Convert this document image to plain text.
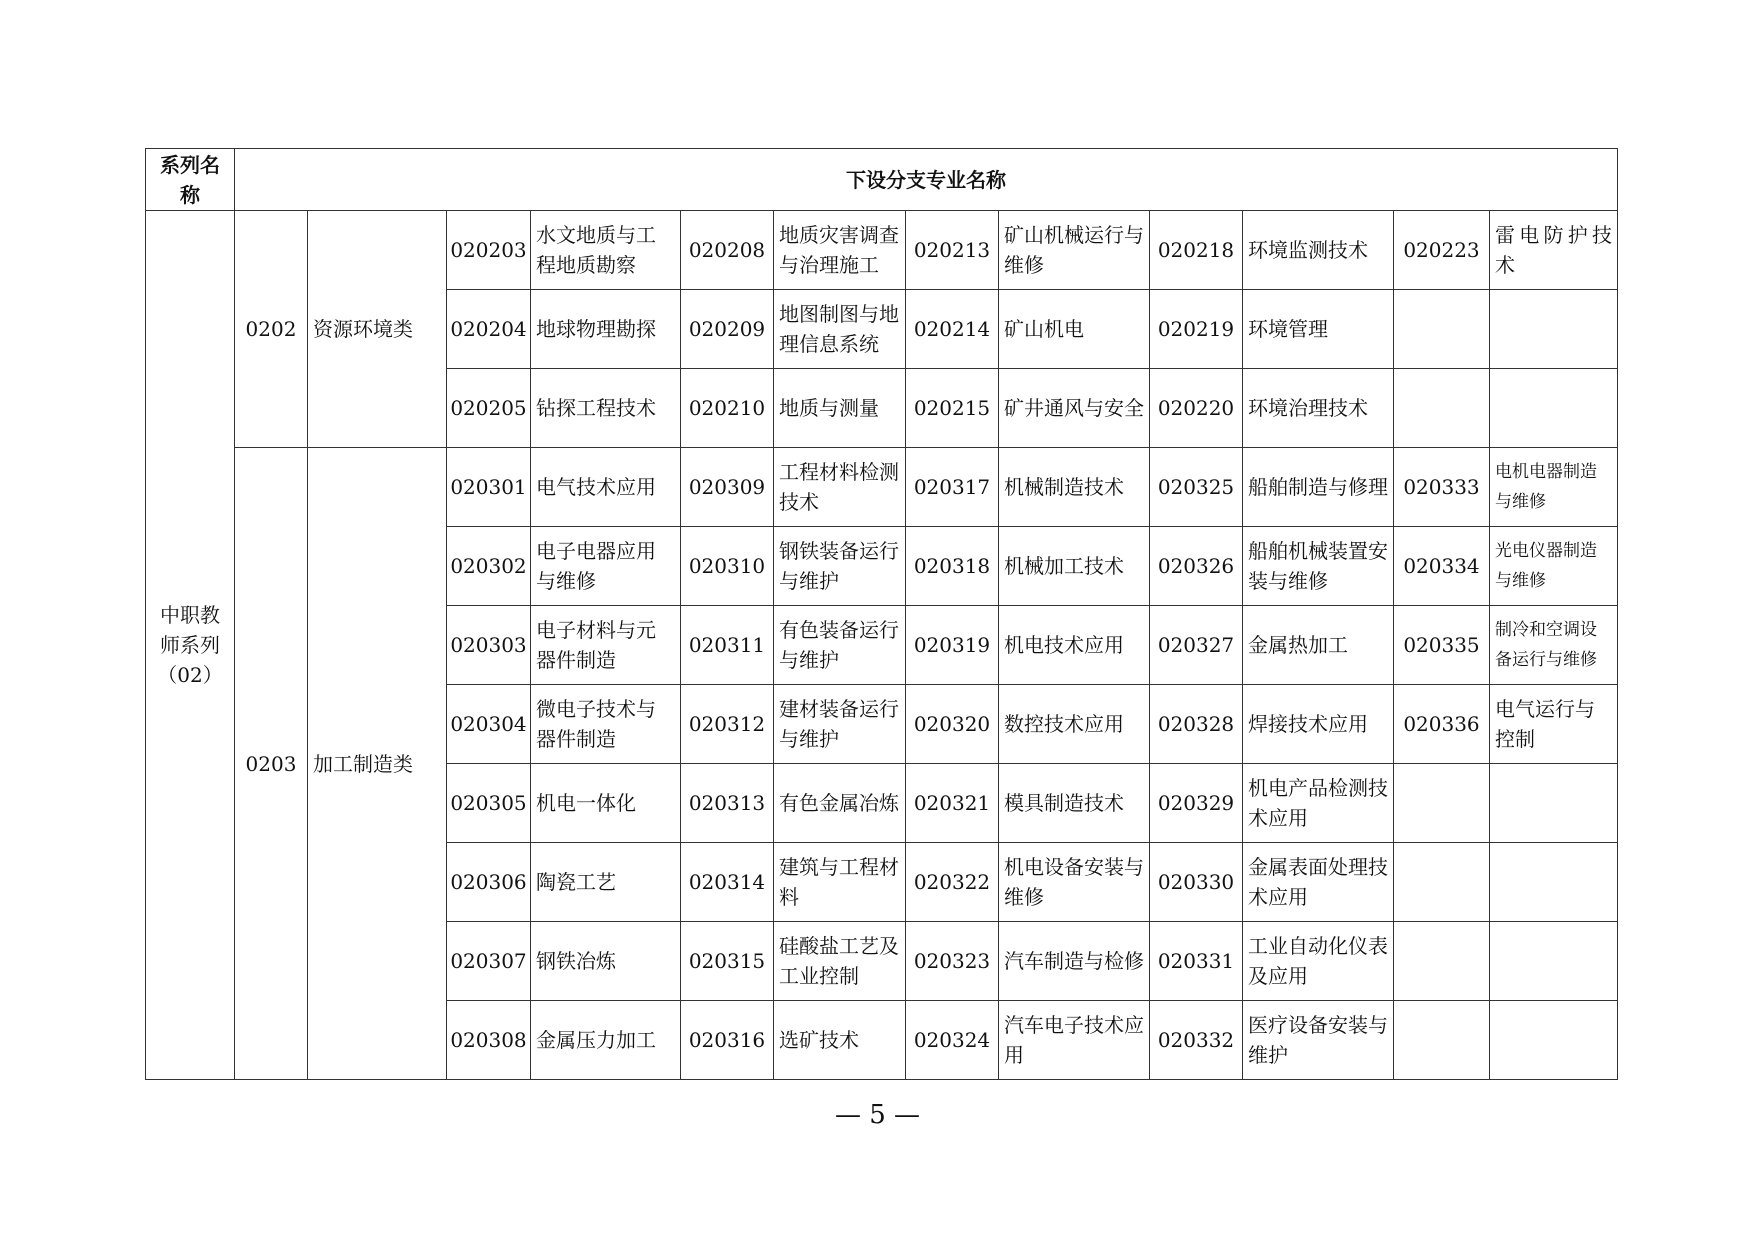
系列名称	下设分支专业名称											
中职教师系列（02）	0202	资源环境类	020203	水文地质与工程地质勘察	020208	地质灾害调查与治理施工	020213	矿山机械运行与维修	020218	环境监测技术	020223	雷电防护技术
			020204	地球物理勘探	020209	地图制图与地理信息系统	020214	矿山机电	020219	环境管理		
			020205	钻探工程技术	020210	地质与测量	020215	矿井通风与安全	020220	环境治理技术		
	0203	加工制造类	020301	电气技术应用	020309	工程材料检测技术	020317	机械制造技术	020325	船舶制造与修理	020333	电机电器制造与维修
			020302	电子电器应用与维修	020310	钢铁装备运行与维护	020318	机械加工技术	020326	船舶机械装置安装与维修	020334	光电仪器制造与维修
			020303	电子材料与元器件制造	020311	有色装备运行与维护	020319	机电技术应用	020327	金属热加工	020335	制冷和空调设备运行与维修
			020304	微电子技术与器件制造	020312	建材装备运行与维护	020320	数控技术应用	020328	焊接技术应用	020336	电气运行与控制
			020305	机电一体化	020313	有色金属冶炼	020321	模具制造技术	020329	机电产品检测技术应用		
			020306	陶瓷工艺	020314	建筑与工程材料	020322	机电设备安装与维修	020330	金属表面处理技术应用		
			020307	钢铁冶炼	020315	硅酸盐工艺及工业控制	020323	汽车制造与检修	020331	工业自动化仪表及应用		
			020308	金属压力加工	020316	选矿技术	020324	汽车电子技术应用	020332	医疗设备安装与维护		
— 5 —
